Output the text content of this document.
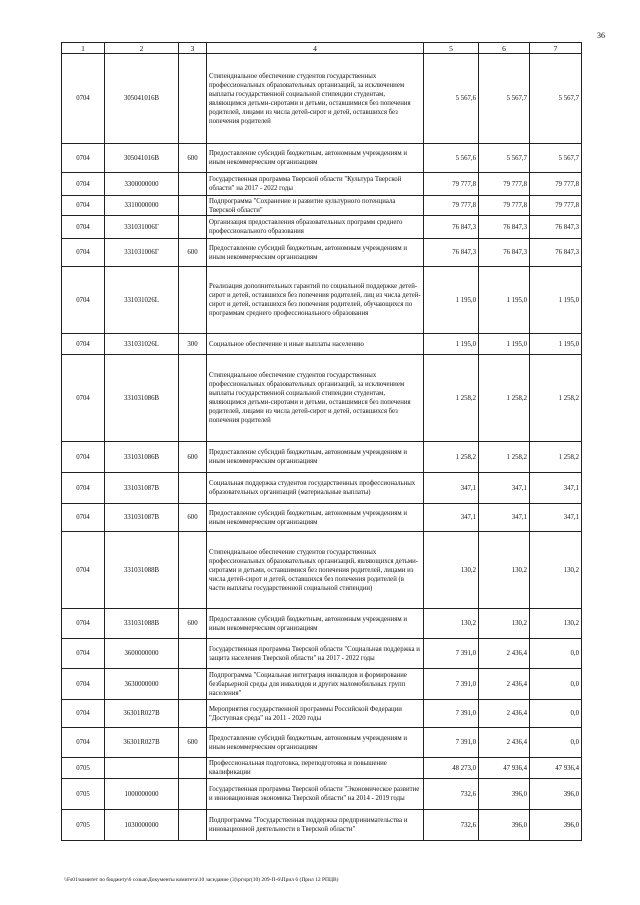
36
1	2	3	4	5	6	7
0704	305041016В		Стипендиальное обеспечение студентов государственных профессиональных образовательных организаций, за исключением выплаты государственной социальной стипендии студентам, являющимся детьми-сиротами и детьми, оставшимися без попечения родителей, лицами из числа детей-сирот и детей, оставшихся без попечения родителей	5 567,6	5 567,7	5 567,7
0704	305041016В	600	Предоставление субсидий бюджетным, автономным учреждениям и иным некоммерческим организациям	5 567,6	5 567,7	5 567,7
0704	3300000000		Государственная программа Тверской области "Культура Тверской области" на 2017 - 2022 годы	79 777,8	79 777,8	79 777,8
0704	3310000000		Подпрограмма "Сохранение и развитие культурного потенциала Тверской области"	79 777,8	79 777,8	79 777,8
0704	331031006Г		Организация предоставления образовательных программ среднего профессионального образования	76 847,3	76 847,3	76 847,3
0704	331031006Г	600	Предоставление субсидий бюджетным, автономным учреждениям и иным некоммерческим организациям	76 847,3	76 847,3	76 847,3
0704	331031026L		Реализация дополнительных гарантий по социальной поддержке детей-сирот и детей, оставшихся без попечения родителей, лиц из числа детей-сирот и детей, оставшихся без попечения родителей, обучающихся по программам среднего профессионального образования	1 195,0	1 195,0	1 195,0
0704	331031026L	300	Социальное обеспечение и иные выплаты населению	1 195,0	1 195,0	1 195,0
0704	331031086В		Стипендиальное обеспечение студентов государственных профессиональных образовательных организаций, за исключением выплаты государственной социальной стипендии студентам, являющимся детьми-сиротами и детьми, оставшимися без попечения родителей, лицами из числа детей-сирот и детей, оставшихся без попечения родителей	1 258,2	1 258,2	1 258,2
0704	331031086В	600	Предоставление субсидий бюджетным, автономным учреждениям и иным некоммерческим организациям	1 258,2	1 258,2	1 258,2
0704	331031087В		Социальная поддержка студентов государственных профессиональных образовательных организаций (материальные выплаты)	347,1	347,1	347,1
0704	331031087В	600	Предоставление субсидий бюджетным, автономным учреждениям и иным некоммерческим организациям	347,1	347,1	347,1
0704	331031088В		Стипендиальное обеспечение студентов государственных профессиональных образовательных организаций, являющихся детьми-сиротами и детьми, оставшимися без попечения родителей, лицами из числа детей-сирот и детей, оставшихся без попечения родителей (в части выплаты государственной социальной стипендии)	130,2	130,2	130,2
0704	331031088В	600	Предоставление субсидий бюджетным, автономным учреждениям и иным некоммерческим организациям	130,2	130,2	130,2
0704	3600000000		Государственная программа Тверской области "Социальная поддержка и защита населения Тверской области" на 2017 - 2022 годы	7 391,0	2 436,4	0,0
0704	3630000000		Подпрограмма "Социальная интеграция инвалидов и формирование безбарьерной среды для инвалидов и других маломобильных групп населения"	7 391,0	2 436,4	0,0
0704	36301R027В		Мероприятия государственной программы Российской Федерации "Доступная среда" на 2011 - 2020 годы	7 391,0	2 436,4	0,0
0704	36301R027В	600	Предоставление субсидий бюджетным, автономным учреждениям и иным некоммерческим организациям	7 391,0	2 436,4	0,0
0705			Профессиональная подготовка, переподготовка и повышение квалификации	48 273,0	47 936,4	47 936,4
0705	1000000000		Государственная программа Тверской области "Экономическое развитие и инновационная экономика Тверской области" на 2014 - 2019 годы	732,6	396,0	396,0
0705	1030000000		Подпрограмма "Государственная поддержка предпринимательства и инновационной деятельности в Тверской области"	732,6	396,0	396,0
\\Fs01\комитет по бюджету\6 созыв\Документы комитета\10 заседание (3)\pr\spr(10) 209-П-6\Прил 6 (Прил 12 РПЦВ)
